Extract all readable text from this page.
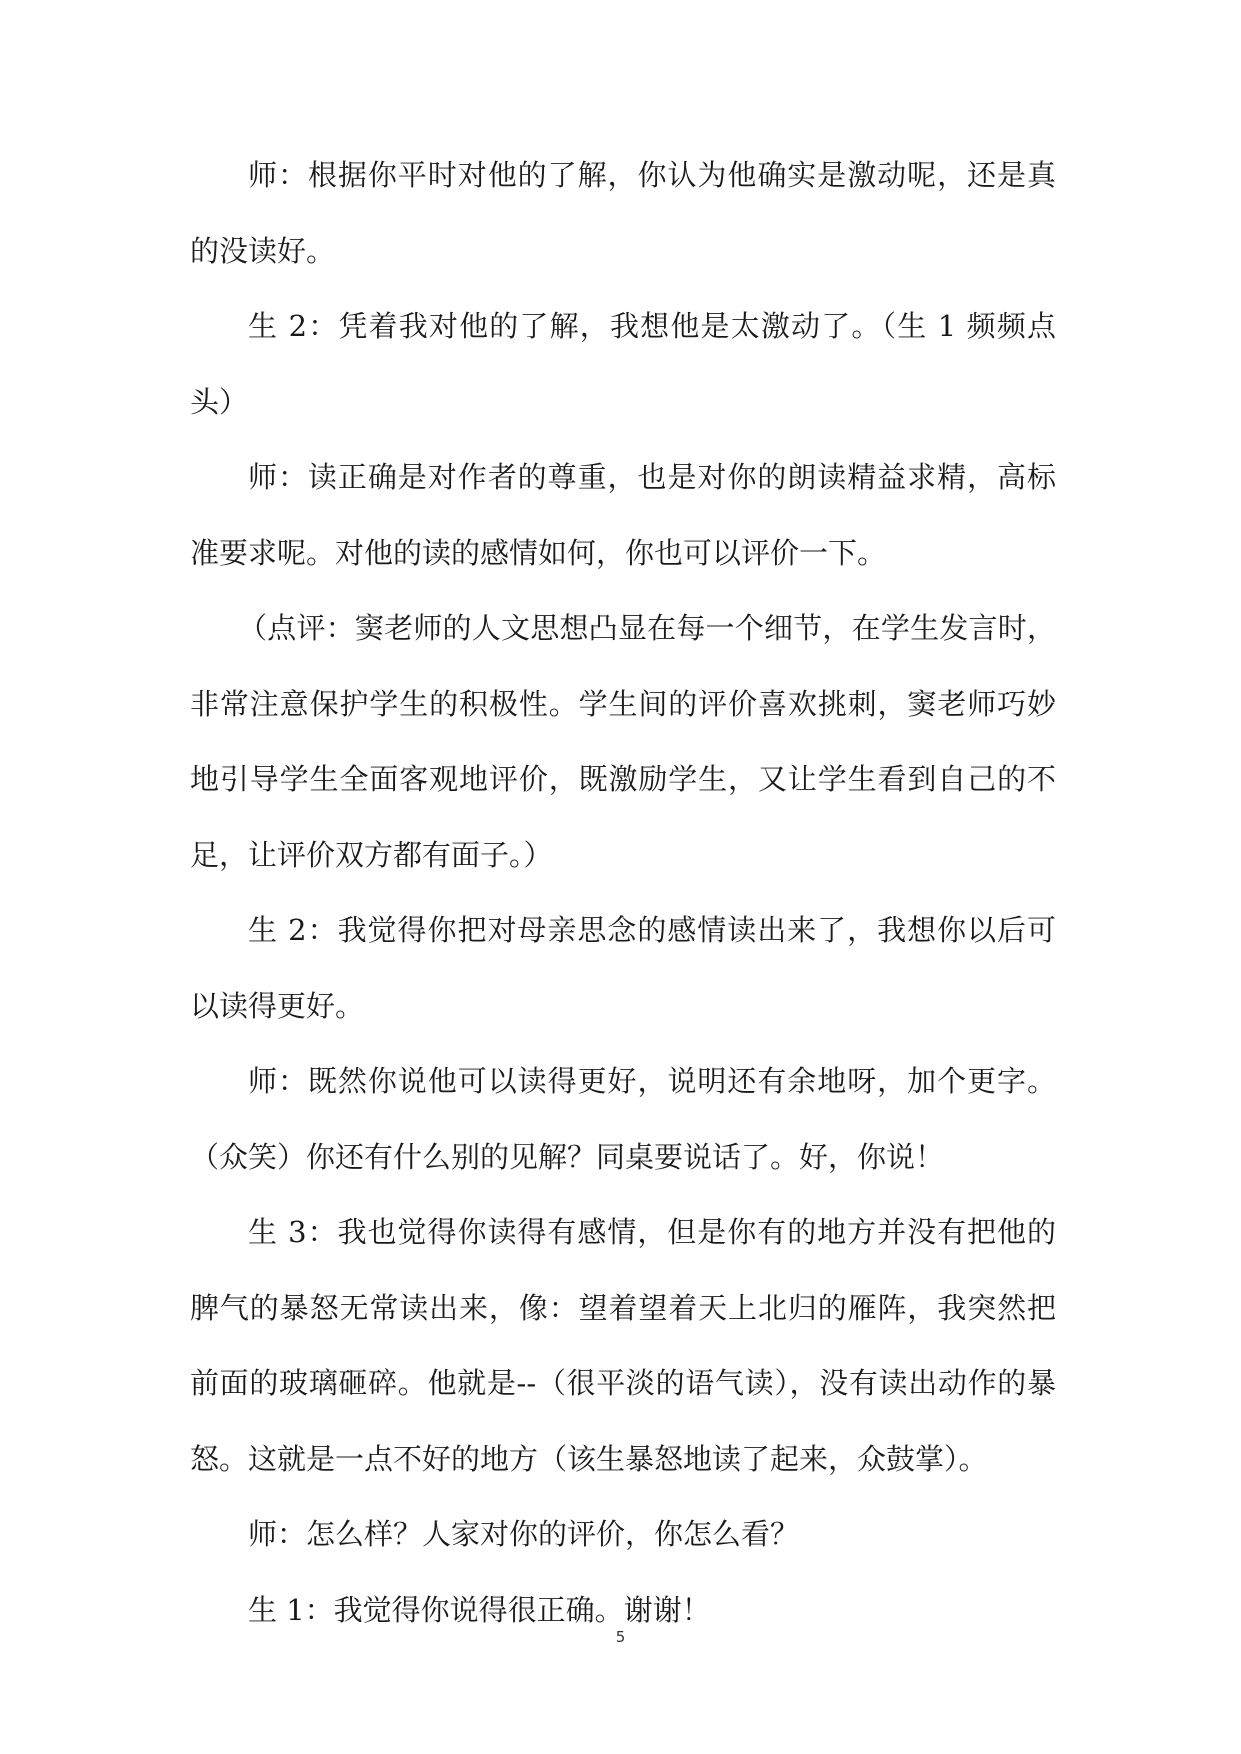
师：根据你平时对他的了解，你认为他确实是激动呢，还是真的没读好。

生 2：凭着我对他的了解，我想他是太激动了。（生 1 频频点头）

师：读正确是对作者的尊重，也是对你的朗读精益求精，高标准要求呢。对他的读的感情如何，你也可以评价一下。

（点评：窦老师的人文思想凸显在每一个细节，在学生发言时，非常注意保护学生的积极性。学生间的评价喜欢挑刺，窦老师巧妙地引导学生全面客观地评价，既激励学生，又让学生看到自己的不足，让评价双方都有面子。）

生 2：我觉得你把对母亲思念的感情读出来了，我想你以后可以读得更好。

师：既然你说他可以读得更好，说明还有余地呀，加个更字。（众笑）你还有什么别的见解？同桌要说话了。好，你说！

生 3：我也觉得你读得有感情，但是你有的地方并没有把他的脾气的暴怒无常读出来，像：望着望着天上北归的雁阵，我突然把前面的玻璃砸碎。他就是--（很平淡的语气读），没有读出动作的暴怒。这就是一点不好的地方（该生暴怒地读了起来，众鼓掌）。

师：怎么样？人家对你的评价，你怎么看？

生 1：我觉得你说得很正确。谢谢！

5
